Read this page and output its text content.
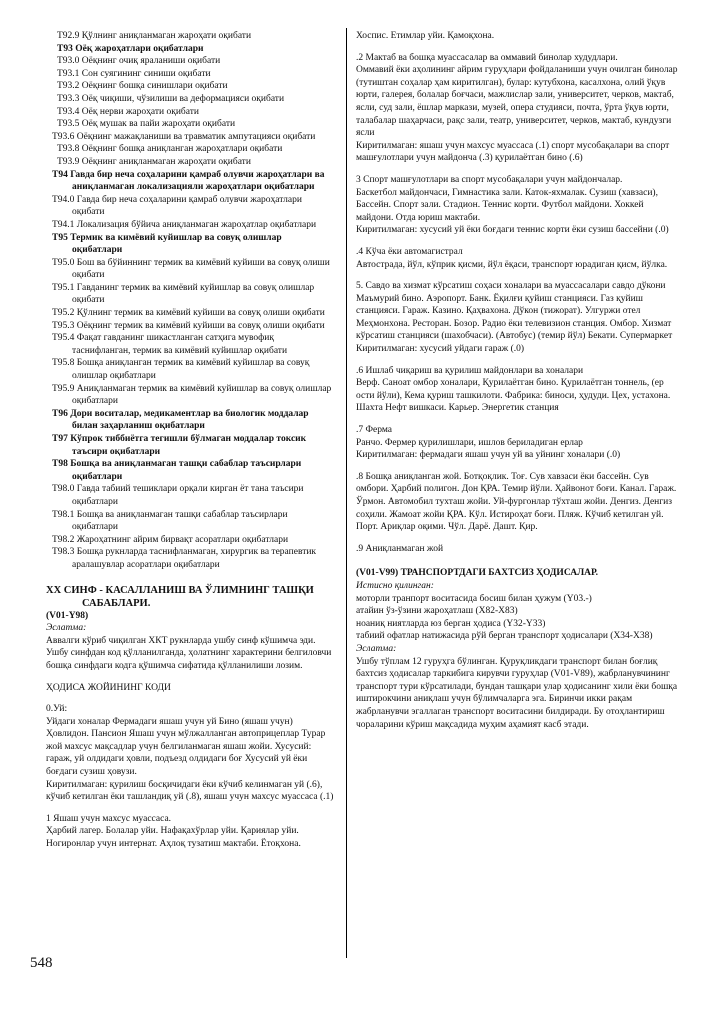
Т92.9 Қўлнинг аниқланмаган жароҳати оқибати
Т93 Оёқ жароҳатлари оқибатлари
Т93.0 Оёқнинг очиқ яраланиши оқибати
Т93.1 Сон суягининг синиши оқибати
Т93.2 Оёқнинг бошқа синишлари оқибати
Т93.3 Оёқ чиқиши, чўзилиши ва деформацияси оқибати
Т93.4 Оёқ нерви жароҳати оқибати
Т93.5 Оёқ мушак ва пайи жароҳати оқибати
Т93.6 Оёқнинг мажақланиши ва травматик ампутацияси оқибати
Т93.8 Оёқнинг бошқа аниқланган жароҳатлари оқибати
Т93.9 Оёқнинг аниқланмаган жароҳати оқибати
Т94 Гавда бир неча соҳаларини қамраб олувчи жароҳатлари ва аниқланмаган локализацияли жароҳатлари оқибатлари
Т94.0 Гавда бир неча соҳаларини қамраб олувчи жароҳатлари оқибати
Т94.1 Локализация бўйича аниқланмаган жароҳатлар оқибатлари
Т95 Термик ва кимёвий куйишлар ва совуқ олишлар оқибатлари
Т95.0 Бош ва бўйиннинг термик ва кимёвий куйиши ва совуқ олиши оқибати
Т95.1 Гавданинг термик ва кимёвий куйишлар ва совуқ олишлар оқибати
Т95.2 Қўлнинг термик ва кимёвий куйиши ва совуқ олиши оқибати
Т95.3 Оёқнинг термик ва кимёвий куйиши ва совуқ олиши оқибати
Т95.4 Фақат гавданинг шикастланган сатҳига мувофиқ таснифланган, термик ва кимёвий куйишлар оқибати
Т95.8 Бошқа аниқланган термик ва кимёвий куйишлар ва совуқ олишлар оқибатлари
Т95.9 Аниқланмаган термик ва кимёвий куйишлар ва совуқ олишлар оқибатлари
Т96 Дори воситалар, медикаментлар ва биологик моддалар билан заҳарланиш оқибатлари
Т97 Кўпрок тиббиётга тегишли бўлмаган моддалар токсик таъсири оқибатлари
Т98 Бошқа ва аниқланмаган ташқи сабаблар таъсирлари оқибатлари
Т98.0 Гавда табиий тешиклари орқали кирган ёт тана таъсири оқибатлари
Т98.1 Бошқа ва аниқланмаган ташқи сабаблар таъсирлари оқибатлари
Т98.2 Жароҳатнинг айрим бирвақт асоратлари оқибатлари
Т98.3 Бошқа рукнларда таснифланмаган, хирургик ва терапевтик аралашувлар асоратлари оқибатлари
ХХ СИНФ - КАСАЛЛАНИШ ВА ЎЛИМНИНГ ТАШҚИ
САБАБЛАРИ.
(V01-Y98)
Эслатма:
Аввалги кўриб чиқилган ХКТ рукнларда ушбу синф кўшимча эди. Ушбу синфдан код қўлланилганда, ҳолатнинг характерини белгиловчи бошқа синфдаги кодга қўшимча сифатида қўлланилиши лозим.
ҲОДИСА ЖОЙИНИНГ КОДИ
0.Уй:
Уйдаги хоналар Фермадаги яшаш учун уй Бино (яшаш учун) Ҳовлидон. Пансион Яшаш учун мўлжалланган автоприцеплар Турар жой махсус мақсадлар учун белгиланмаган яшаш жойи. Хусусий: гараж, уй олдидаги ҳовли, подъезд олдидаги боғ Хусусий уй ёки боғдаги сузиш ҳовузи.
Киритилмаган: қурилиш босқичидаги ёки кўчиб келинмаган уй (.6), кўчиб кетилган ёки ташландиқ уй (.8), яшаш учун махсус муассаса (.1)
1 Яшаш учун махсус муассаса.
Ҳарбий лагер. Болалар уйи. Нафақахўрлар уйи. Қариялар уйи. Ногиронлар учун интернат. Аҳлоқ тузатиш мактаби. Ётоқхона.
Хоспис. Етимлар уйи. Қамоқхона.
.2 Мактаб ва бошқа муассасалар ва оммавий бинолар худудлари.
Оммавий ёки аҳолининг айрим гуруҳлари фойдаланиши учун очилган бинолар (тутиштан соҳалар ҳам киритилган), булар: кутубхона, касалхона, олий ўқув юрти, галерея, болалар боғчаси, мажлислар зали, университет, черков, мактаб, ясли, суд зали, ёшлар маркази, музей, опера студияси, почта, ўрта ўқув юрти, талабалар шаҳарчаси, рақс зали, театр, университет, черков, мактаб, кундузги ясли
Киритилмаган: яшаш учун махсус муассаса (.1) спорт мусобақалари ва спорт машғулотлари учун майдонча (.3) қурилаётган бино (.6)
3 Спорт машғулотлари ва спорт мусобақалари учун майдончалар.
Баскетбол майдончаси, Гимнастика зали. Каток-яхмалак. Сузиш (хавзаси), Бассейн. Спорт зали. Стадион. Теннис корти. Футбол майдони. Хоккей майдони. Отда юриш мактаби.
Киритилмаган: хусусий уй ёки боғдаги теннис корти ёки сузиш бассейни (.0)
.4 Кўча ёки автомагистрал
Автострада, йўл, кўприк қисми, йўл ёқаси, транспорт юрадиган қисм, йўлка.
5. Савдо ва хизмат кўрсатиш соҳаси хоналари ва муассасалари савдо дўкони
Маъмурий бино. Аэропорт. Банк. Ёқилғи қуйиш станцияси. Газ қуйиш станцияси. Гараж. Казино. Қаҳвахона. Дўкон (тижорат). Улгуржи отел Меҳмонхона. Ресторан. Бозор. Радио ёки телевизион станция. Омбор. Хизмат кўрсатиш станцияси (шахобчаси). (Автобус) (темир йўл) Бекати. Супермаркет
Киритилмаган: хусусий уйдаги гараж (.0)
.6 Ишлаб чиқариш ва қурилиш майдонлари ва хоналари
Верф. Саноат омбор хоналари, Қурилаётган бино. Қурилаётган тоннель, (ер ости йўли), Кема қуриш ташкилоти. Фабрика: биноси, ҳудуди. Цех, устахона. Шахта Нефт вишкаси. Карьер. Энергетик станция
.7 Ферма
Ранчо. Фермер қурилишлари, ишлов бериладиган ерлар
Киритилмаган: фермадаги яшаш учун уй ва уйнинг хоналари (.0)
.8 Бошқа аниқланган жой. Ботқоқлик. Тоғ. Сув хавзаси ёки бассейн. Сув омбори. Ҳарбий полигон. Дон ҚРА. Темир йўли. Ҳайвонот боғи. Канал. Гараж. Ўрмон. Автомобил тухташ жойи. Уй-фургонлар тўхташ жойи. Денгиз. Денгиз соҳили. Жамоат жойи ҚРА. Кўл. Истироҳат боғи. Пляж. Кўчиб кетилган уй. Порт. Ариқлар оқими. Чўл. Дарё. Дашт. Қир.
.9 Аниқланмаган жой
(V01-V99) ТРАНСПОРТДАГИ БАХТСИЗ ҲОДИСАЛАР.
Истисно қилинган:
моторли транпорт воситасида босиш билан ҳужум (Y03.-)
атайин ўз-ўзини жароҳатлаш (X82-X83)
ноаниқ ниятларда юз берган ҳодиса (Y32-Y33)
табиий офатлар натижасида рўй берган транспорт ҳодисалари (X34-X38)
Эслатма:
Ушбу тўплам 12 гуруҳга бўлинган. Қуруқликдаги транспорт билан боғлиқ бахтсиз ҳодисалар таркибига кирувчи гуруҳлар (V01-V89), жабрланувчининг транспорт тури кўрсатилади, бундан ташқари улар ҳодисанинг хили ёки бошқа иштирокчини аниқлаш учун бўлимчаларга эга. Биринчи икки рақам жабрланувчи эгаллаган транспорт воситасини билдиради. Бу отоҳлантириш чораларини кўриш мақсадида муҳим аҳамият касб этади.
548
